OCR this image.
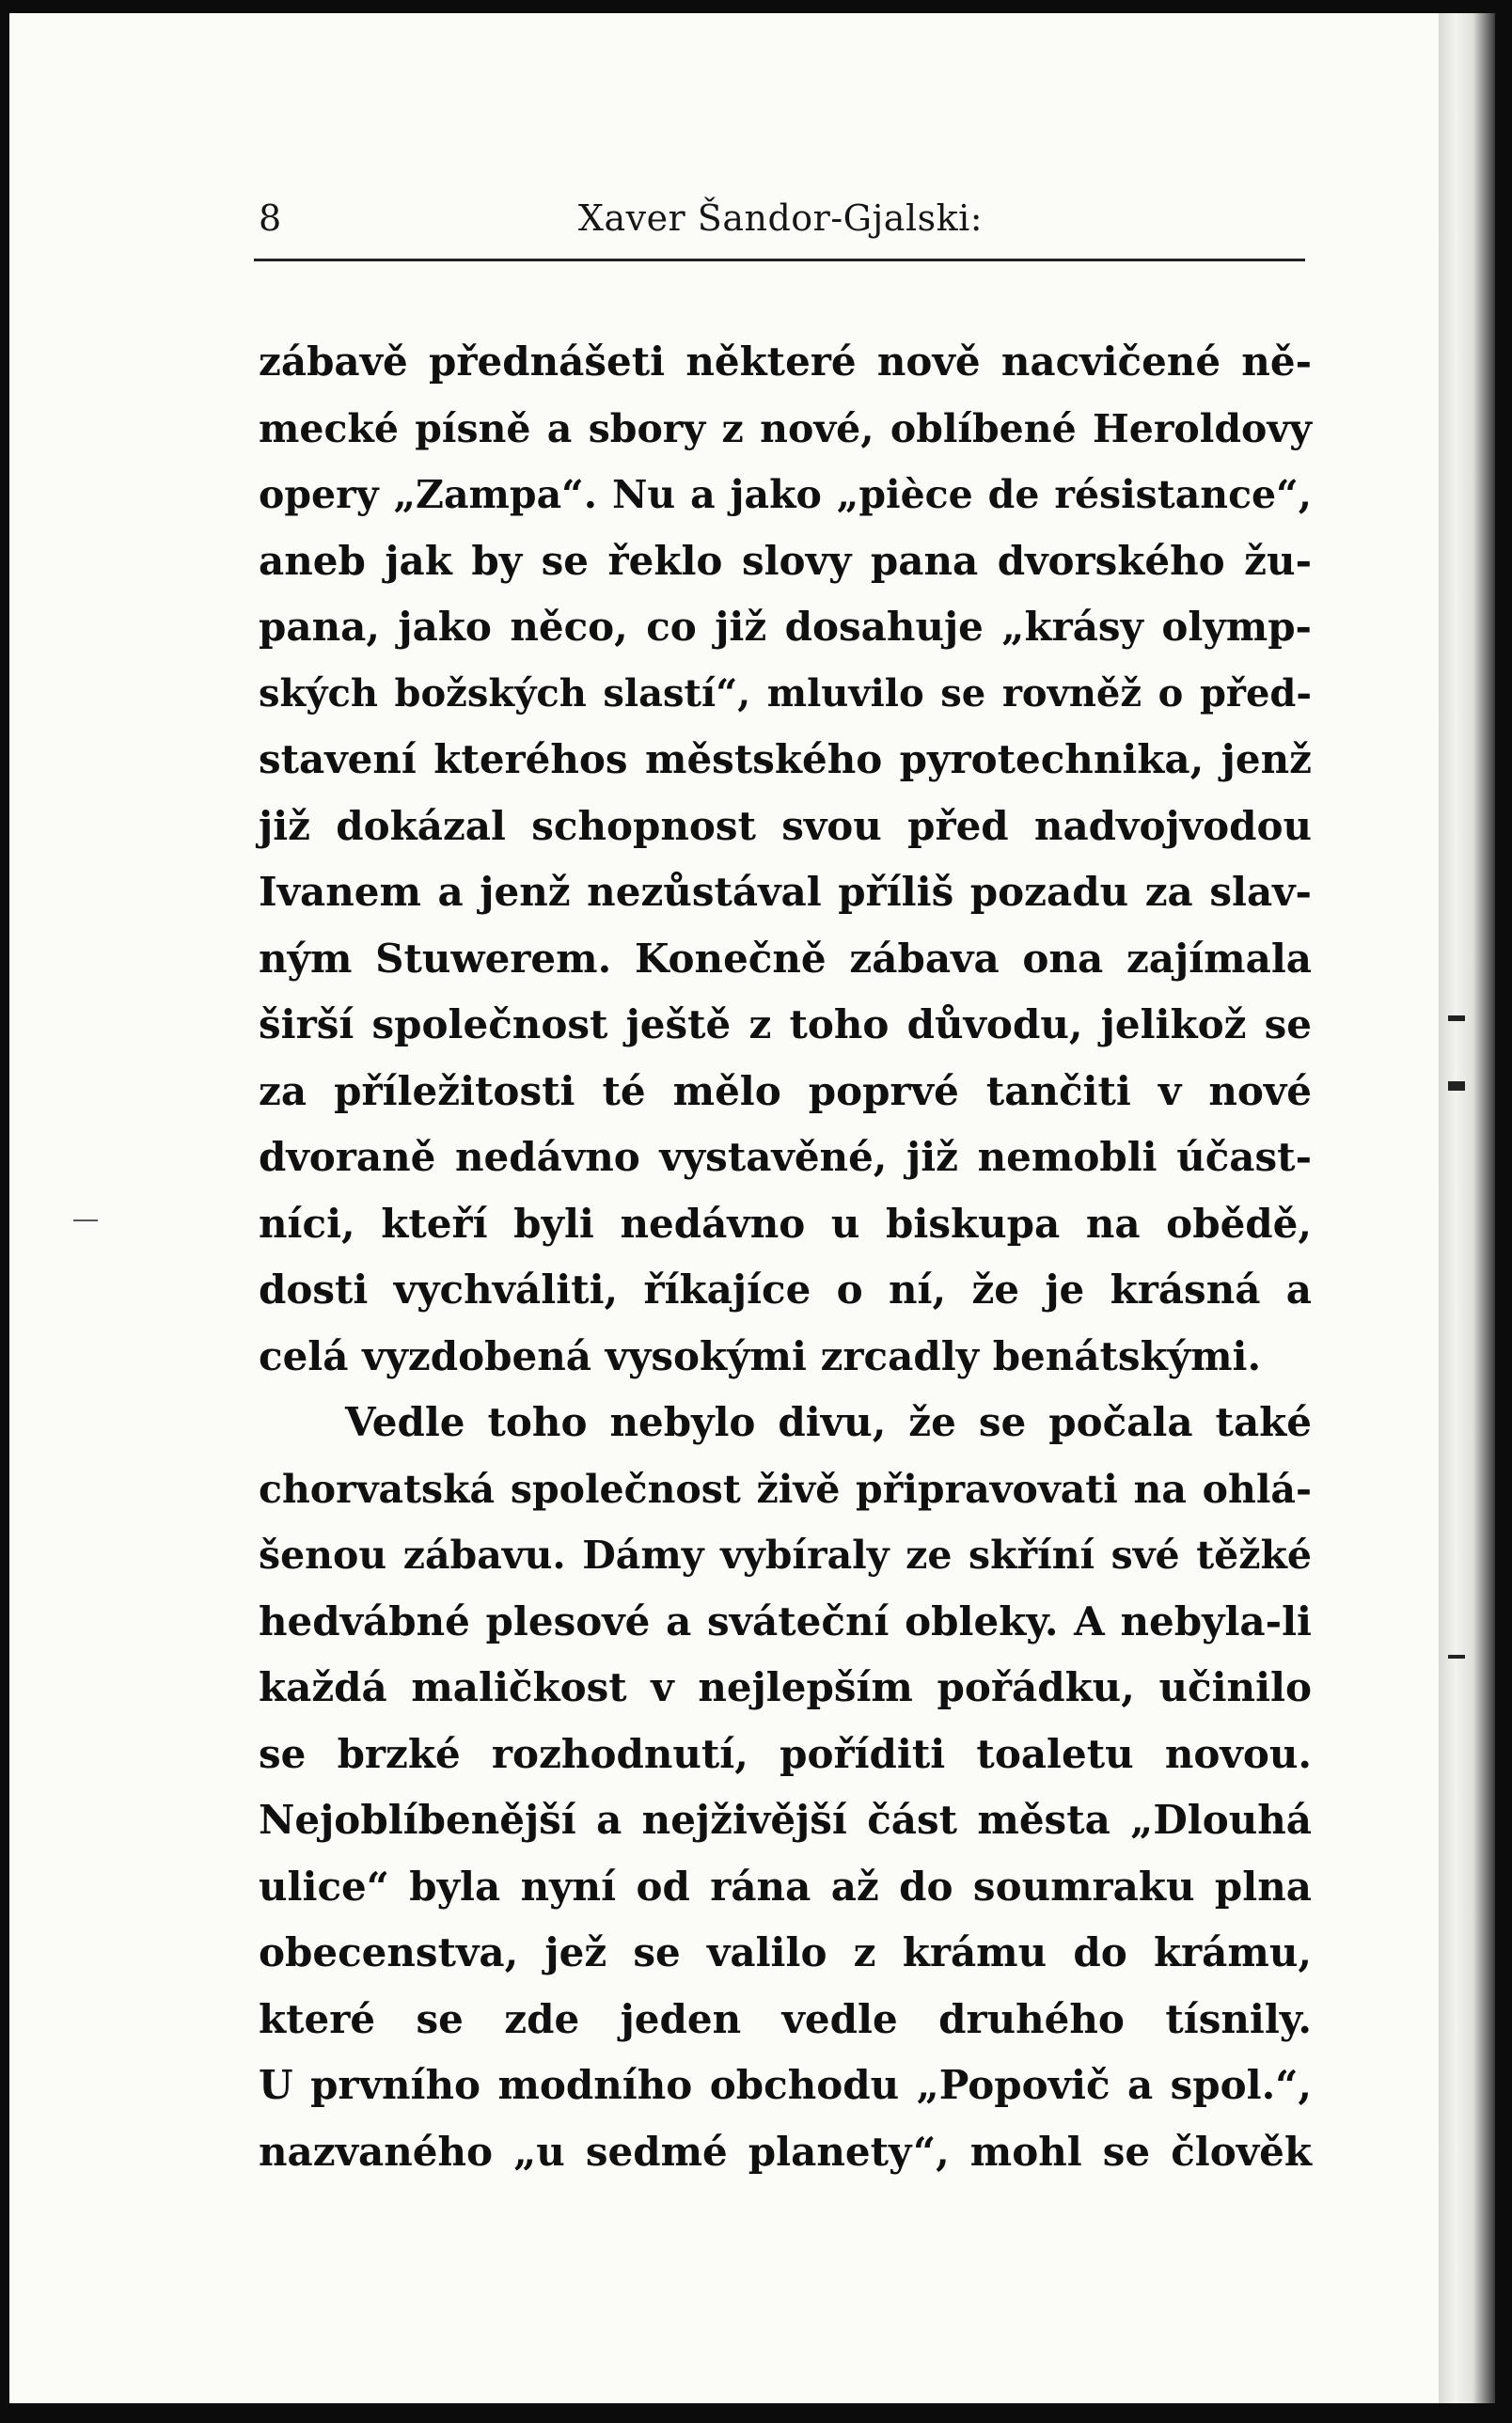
8	Xaver Šandor-Gjalski:
zábavě přednášeti některé nově nacvičené ně-
mecké písně a sbory z nové, oblíbené Heroldovy
opery „Zampa“. Nu a jako „pièce de résistance“,
aneb jak by se řeklo slovy pana dvorského žu-
pana, jako něco, co již dosahuje „krásy olymp-
ských božských slastí“, mluvilo se rovněž o před-
stavení kteréhos městského pyrotechnika, jenž
již dokázal schopnost svou před nadvojvodou
Ivanem a jenž nezůstával příliš pozadu za slav-
ným Stuwerem. Konečně zábava ona zajímala
širší společnost ještě z toho důvodu, jelikož se
za příležitosti té mělo poprvé tančiti v nové
dvoraně nedávno vystavěné, již nemobli účast-
níci, kteří byli nedávno u biskupa na obědě,
dosti vychváliti, říkajíce o ní, že je krásná a
celá vyzdobená vysokými zrcadly benátskými.
Vedle toho nebylo divu, že se počala také
chorvatská společnost živě připravovati na ohlá-
šenou zábavu. Dámy vybíraly ze skříní své těžké
hedvábné plesové a sváteční obleky. A nebyla-li
každá maličkost v nejlepším pořádku, učinilo
se brzké rozhodnutí, poříditi toaletu novou.
Nejoblíbenější a nejživější část města „Dlouhá
ulice“ byla nyní od rána až do soumraku plna
obecenstva, jež se valilo z krámu do krámu,
které se zde jeden vedle druhého tísnily.
U prvního modního obchodu „Popovič a spol.“,
nazvaného „u sedmé planety“, mohl se člověk
